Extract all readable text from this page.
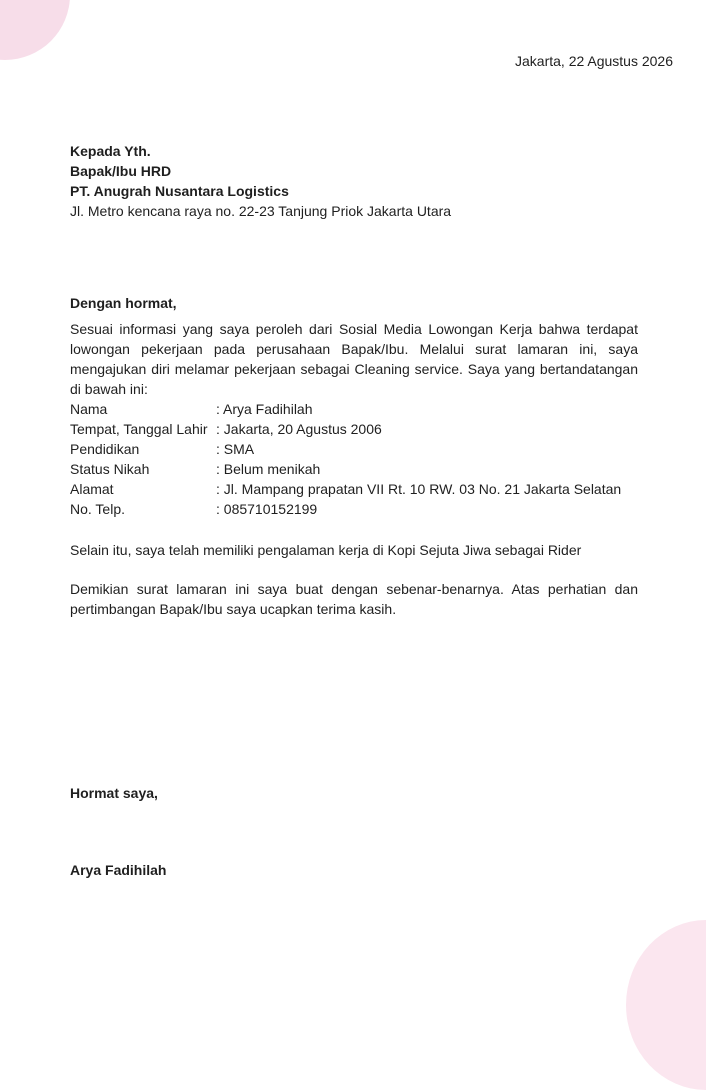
Jakarta, 22 Agustus 2026
Kepada Yth.
Bapak/Ibu HRD
PT. Anugrah Nusantara Logistics
Jl. Metro kencana raya no. 22-23 Tanjung Priok Jakarta Utara
Dengan hormat,
Sesuai informasi yang saya peroleh dari Sosial Media Lowongan Kerja bahwa terdapat lowongan pekerjaan pada perusahaan Bapak/Ibu. Melalui surat lamaran ini, saya mengajukan diri melamar pekerjaan sebagai Cleaning service. Saya yang bertandatangan di bawah ini:
Nama	: Arya Fadihilah
Tempat, Tanggal Lahir : Jakarta, 20 Agustus 2006
Pendidikan	: SMA
Status Nikah	: Belum menikah
Alamat	: Jl. Mampang prapatan VII Rt. 10 RW. 03 No. 21 Jakarta Selatan
No. Telp.	: 085710152199
Selain itu, saya telah memiliki pengalaman kerja di Kopi Sejuta Jiwa sebagai Rider
Demikian surat lamaran ini saya buat dengan sebenar-benarnya. Atas perhatian dan pertimbangan Bapak/Ibu saya ucapkan terima kasih.
Hormat saya,
Arya Fadihilah
